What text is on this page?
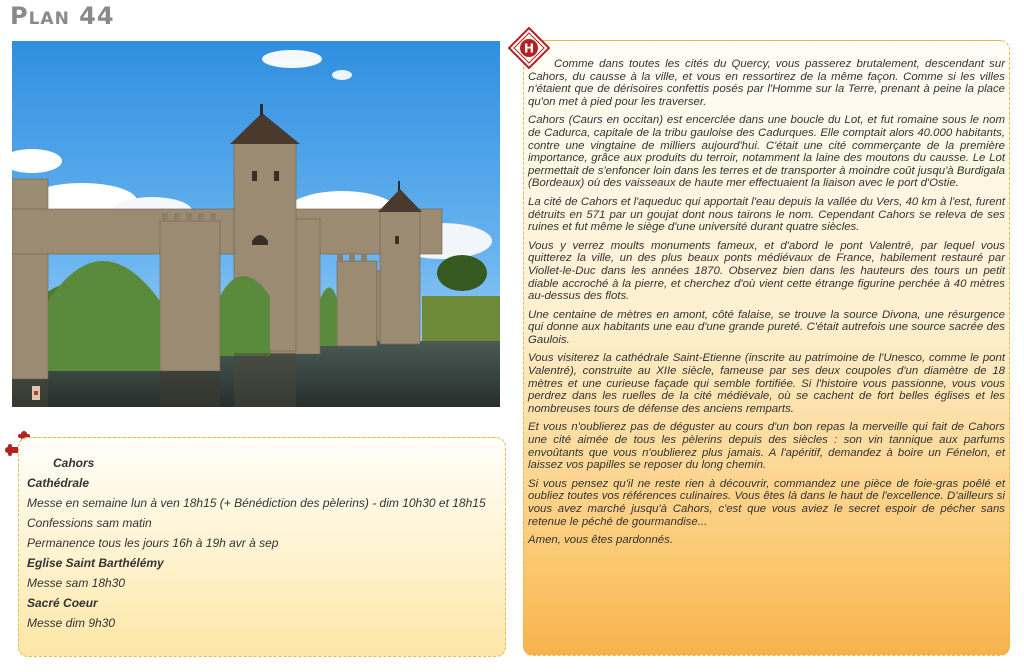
Plan 44

Cahors

Cathédrale

Messe en semaine lun à ven 18h15 (+ Bénédiction des pèlerins) - dim 10h30 et 18h15

Confessions sam matin

Permanence tous les jours 16h à 19h avr à sep

Eglise Saint Barthélémy

Messe sam 18h30

Sacré Coeur

Messe dim 9h30

Comme dans toutes les cités du Quercy, vous passerez brutalement, descendant sur Cahors, du causse à la ville, et vous en ressortirez de la même façon. Comme si les villes n'étaient que de dérisoires confettis posés par l'Homme sur la Terre, prenant à peine la place qu'on met à pied pour les traverser.

Cahors (Caurs en occitan) est encerclée dans une boucle du Lot, et fut romaine sous le nom de Cadurca, capitale de la tribu gauloise des Cadurques. Elle comptait alors 40.000 habitants, contre une vingtaine de milliers aujourd'hui. C'était une cité commerçante de la première importance, grâce aux produits du terroir, notamment la laine des moutons du causse. Le Lot permettait de s'enfoncer loin dans les terres et de transporter à moindre coût jusqu'à Burdigala (Bordeaux) où des vaisseaux de haute mer effectuaient la liaison avec le port d'Ostie.

La cité de Cahors et l'aqueduc qui apportait l'eau depuis la vallée du Vers, 40 km à l'est, furent détruits en 571 par un goujat dont nous tairons le nom. Cependant Cahors se releva de ses ruines et fut même le siège d'une université durant quatre siècles.

Vous y verrez moults monuments fameux, et d'abord le pont Valentré, par lequel vous quitterez la ville, un des plus beaux ponts médiévaux de France, habilement restauré par Viollet-le-Duc dans les années 1870. Observez bien dans les hauteurs des tours un petit diable accroché à la pierre, et cherchez d'où vient cette étrange figurine perchée à 40 mètres au-dessus des flots.

Une centaine de mètres en amont, côté falaise, se trouve la source Divona, une résurgence qui donne aux habitants une eau d'une grande pureté. C'était autrefois une source sacrée des Gaulois.

Vous visiterez la cathédrale Saint-Etienne (inscrite au patrimoine de l'Unesco, comme le pont Valentré), construite au XIIe siècle, fameuse par ses deux coupoles d'un diamètre de 18 mètres et une curieuse façade qui semble fortifiée. Si l'histoire vous passionne, vous vous perdrez dans les ruelles de la cité médiévale, où se cachent de fort belles églises et les nombreuses tours de défense des anciens remparts.

Et vous n'oublierez pas de déguster au cours d'un bon repas la merveille qui fait de Cahors une cité aimée de tous les pèlerins depuis des siècles : son vin tannique aux parfums envoûtants que vous n'oublierez plus jamais. A l'apéritif, demandez à boire un Fénelon, et laissez vos papilles se reposer du long chemin.

Si vous pensez qu'il ne reste rien à découvrir, commandez une pièce de foie-gras poêlé et oubliez toutes vos références culinaires. Vous êtes là dans le haut de l'excellence. D'ailleurs si vous avez marché jusqu'à Cahors, c'est que vous aviez le secret espoir de pécher sans retenue le péché de gourmandise...

Amen, vous êtes pardonnés.

H
